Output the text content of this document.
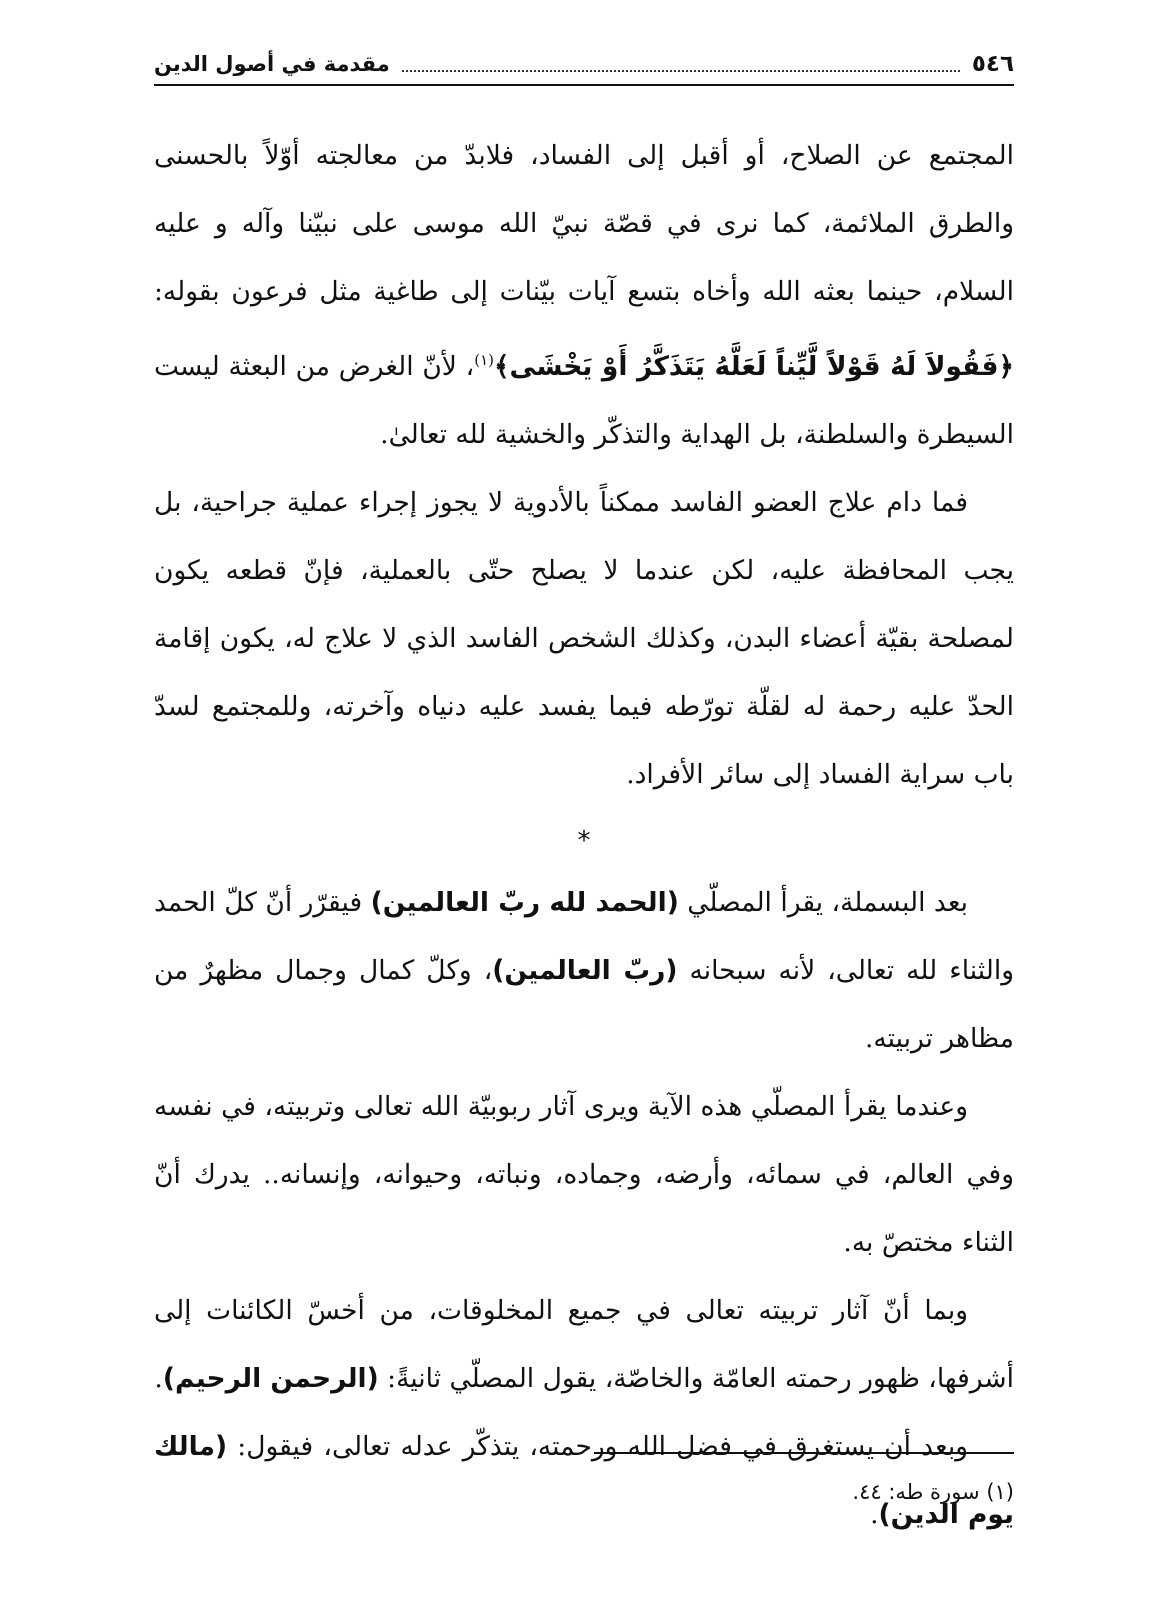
٥٤٦
مقدمة في أصول الدين

المجتمع عن الصلاح، أو أقبل إلى الفساد، فلابدّ من معالجته أوّلاً بالحسنى والطرق الملائمة، كما نرى في قصّة نبيّ الله موسى على نبيّنا وآله و عليه السلام، حينما بعثه الله وأخاه بتسع آيات بيّنات إلى طاغية مثل فرعون بقوله: ﴿فَقُولاَ لَهُ قَوْلاً لَّيِّناً لَعَلَّهُ يَتَذَكَّرُ أَوْ يَخْشَى﴾$^{(١)}$، لأنّ الغرض من البعثة ليست السيطرة والسلطنة، بل الهداية والتذكّر والخشية لله تعالىٰ.

فما دام علاج العضو الفاسد ممكناً بالأدوية لا يجوز إجراء عملية جراحية، بل يجب المحافظة عليه، لكن عندما لا يصلح حتّى بالعملية، فإنّ قطعه يكون لمصلحة بقيّة أعضاء البدن، وكذلك الشخص الفاسد الذي لا علاج له، يكون إقامة الحدّ عليه رحمة له لقلّة تورّطه فيما يفسد عليه دنياه وآخرته، وللمجتمع لسدّ باب سراية الفساد إلى سائر الأفراد.

*

بعد البسملة، يقرأ المصلّي (الحمد لله ربّ العالمين) فيقرّر أنّ كلّ الحمد والثناء لله تعالى، لأنه سبحانه (ربّ العالمين)، وكلّ كمال وجمال مظهرٌ من مظاهر تربيته.

وعندما يقرأ المصلّي هذه الآية ويرى آثار ربوبيّة الله تعالى وتربيته، في نفسه وفي العالم، في سمائه، وأرضه، وجماده، ونباته، وحيوانه، وإنسانه.. يدرك أنّ الثناء مختصّ به.

وبما أنّ آثار تربيته تعالى في جميع المخلوقات، من أخسّ الكائنات إلى أشرفها، ظهور رحمته العامّة والخاصّة، يقول المصلّي ثانيةً: (الرحمن الرحيم).

وبعد أن يستغرق في فضل الله ورحمته، يتذكّر عدله تعالى، فيقول: (مالك يوم الدين).

(١) سورة طه: ٤٤.
